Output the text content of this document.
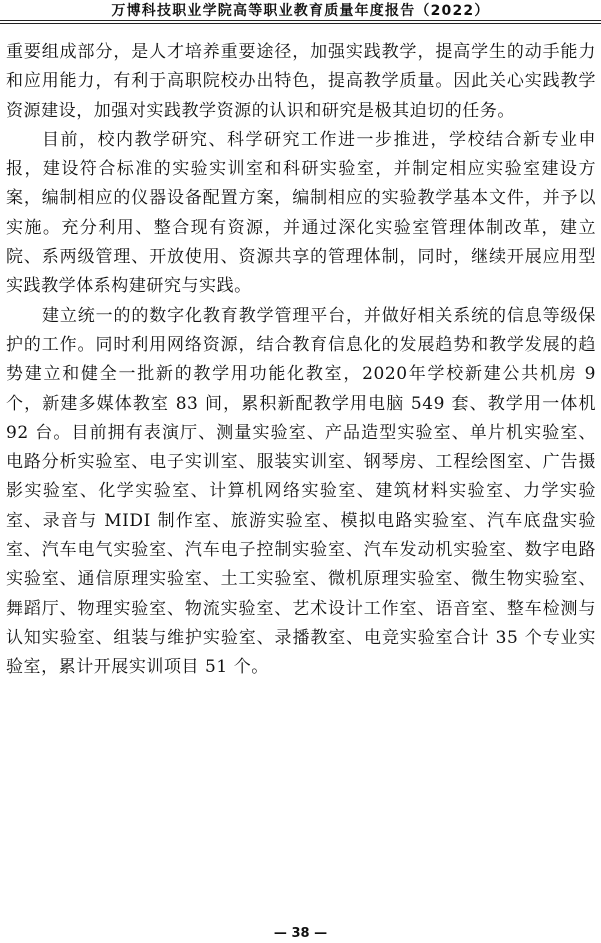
万博科技职业学院高等职业教育质量年度报告（2022）

重要组成部分，是人才培养重要途径，加强实践教学，提高学生的动手能力和应用能力，有利于高职院校办出特色，提高教学质量。因此关心实践教学资源建设，加强对实践教学资源的认识和研究是极其迫切的任务。

目前，校内教学研究、科学研究工作进一步推进，学校结合新专业申报，建设符合标准的实验实训室和科研实验室，并制定相应实验室建设方案，编制相应的仪器设备配置方案，编制相应的实验教学基本文件，并予以实施。充分利用、整合现有资源，并通过深化实验室管理体制改革，建立院、系两级管理、开放使用、资源共享的管理体制，同时，继续开展应用型实践教学体系构建研究与实践。

建立统一的的数字化教育教学管理平台，并做好相关系统的信息等级保护的工作。同时利用网络资源，结合教育信息化的发展趋势和教学发展的趋势建立和健全一批新的教学用功能化教室，2020年学校新建公共机房 9 个，新建多媒体教室 83 间，累积新配教学用电脑 549 套、教学用一体机 92 台。目前拥有表演厅、测量实验室、产品造型实验室、单片机实验室、电路分析实验室、电子实训室、服装实训室、钢琴房、工程绘图室、广告摄影实验室、化学实验室、计算机网络实验室、建筑材料实验室、力学实验室、录音与 MIDI 制作室、旅游实验室、模拟电路实验室、汽车底盘实验室、汽车电气实验室、汽车电子控制实验室、汽车发动机实验室、数字电路实验室、通信原理实验室、土工实验室、微机原理实验室、微生物实验室、舞蹈厅、物理实验室、物流实验室、艺术设计工作室、语音室、整车检测与认知实验室、组装与维护实验室、录播教室、电竞实验室合计 35 个专业实验室，累计开展实训项目 51 个。

— 38 —
